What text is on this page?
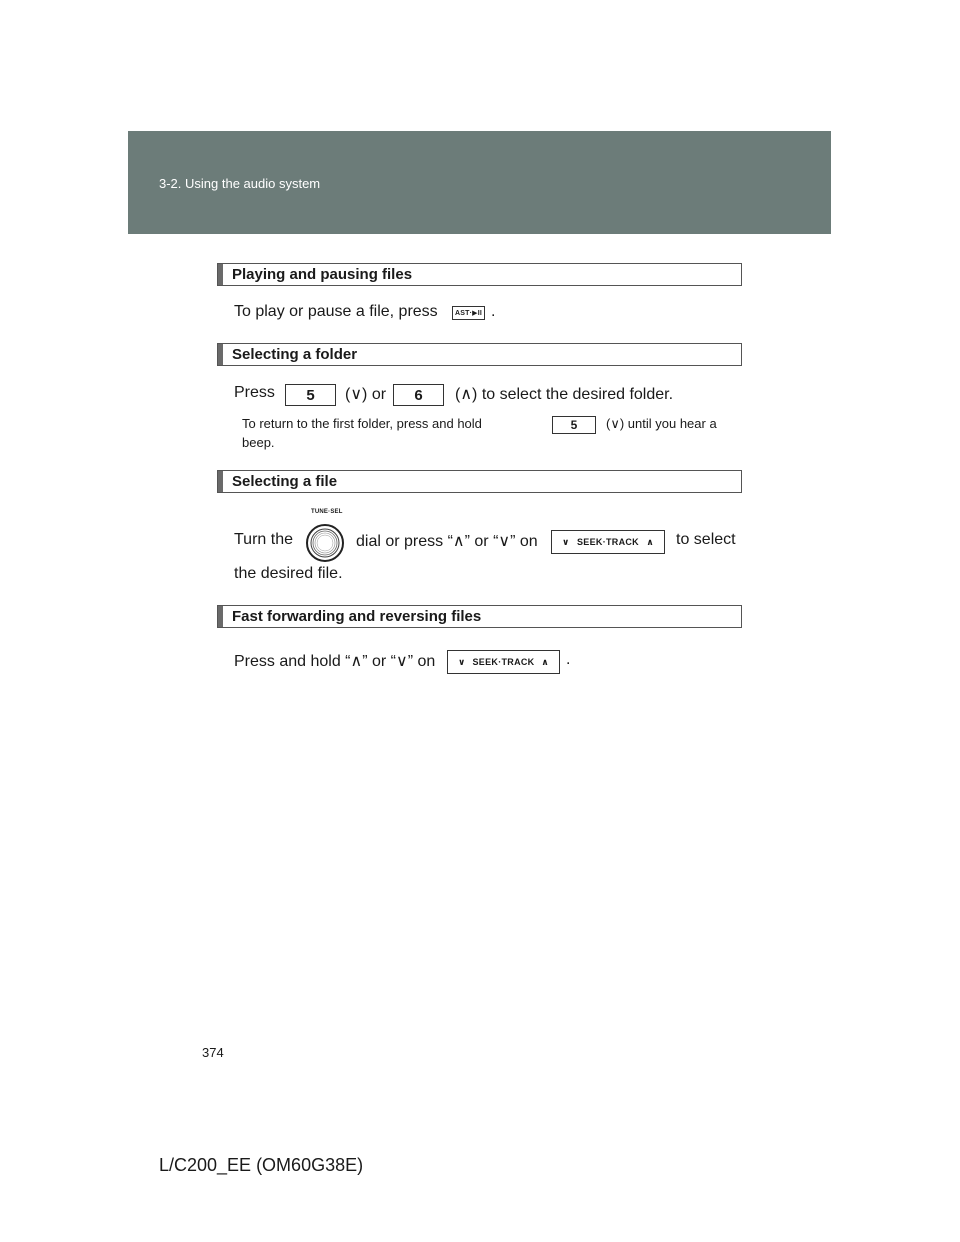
3-2. Using the audio system
Playing and pausing files
To play or pause a file, press	AST·▶II .
Selecting a folder
Press	5	(∨) or	6	(∧) to select the desired folder.
To return to the first folder, press and hold	5	(∨) until you hear a
beep.
Selecting a file
Turn the
TUNE·SEL
dial or press “∧” or “∨” on	∨ SEEK·TRACK ∧ to select
the desired file.
Fast forwarding and reversing files
Press and hold “∧” or “∨” on	∨ SEEK·TRACK ∧ .
374
L/C200_EE (OM60G38E)
